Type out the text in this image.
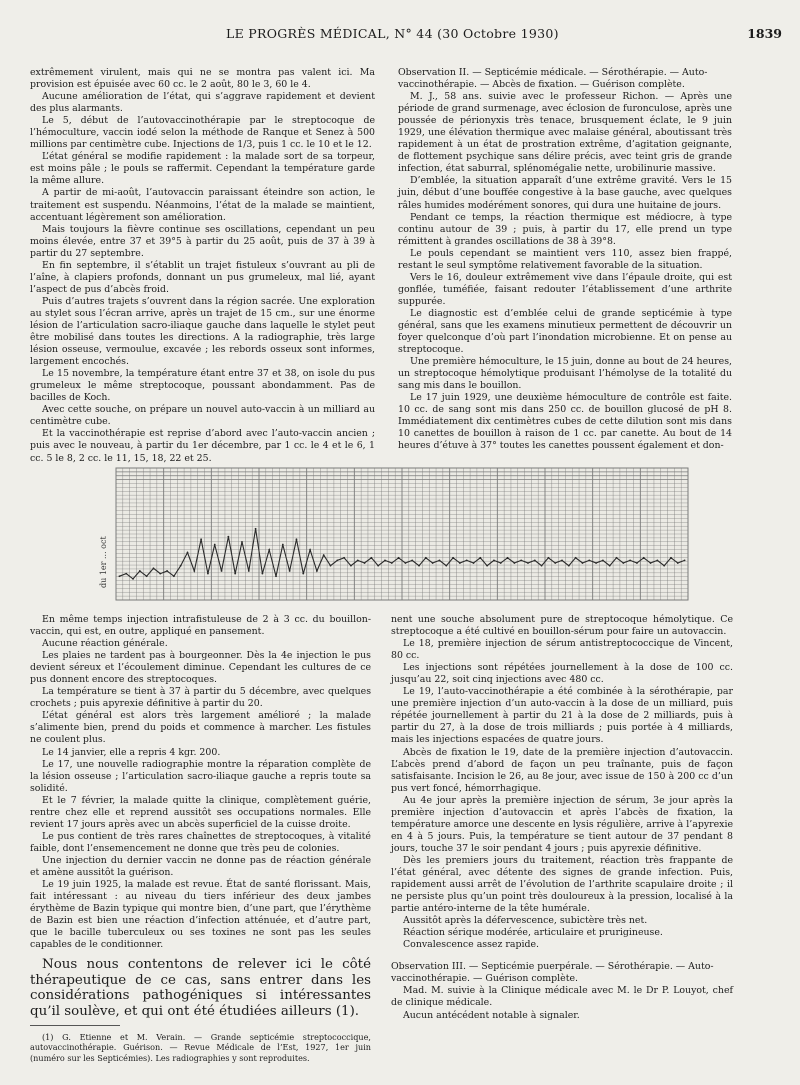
LE PROGRÈS MÉDICAL, N° 44 (30 Octobre 1930)	1839

extrêmement virulent, mais qui ne se montra pas valent ici. Ma provision est épuisée avec 60 cc. le 2 août, 80 le 3, 60 le 4.

Aucune amélioration de l’état, qui s’aggrave rapidement et devient des plus alarmants.

Le 5, début de l’autovaccinothérapie par le streptocoque de l’hémoculture, vaccin iodé selon la méthode de Ranque et Senez à 500 millions par centimètre cube. Injections de 1/3, puis 1 cc. le 10 et le 12.

L’état général se modifie rapidement : la malade sort de sa torpeur, est moins pâle ; le pouls se raffermit. Cependant la température garde la même allure.

A partir de mi-août, l’autovaccin paraissant éteindre son action, le traitement est suspendu. Néanmoins, l’état de la malade se maintient, accentuant légèrement son amélioration.

Mais toujours la fièvre continue ses oscillations, cependant un peu moins élevée, entre 37 et 39°5 à partir du 25 août, puis de 37 à 39 à partir du 27 septembre.

En fin septembre, il s’établit un trajet fistuleux s’ouvrant au pli de l’aîne, à clapiers profonds, donnant un pus grumeleux, mal lié, ayant l’aspect de pus d’abcès froid.

Puis d’autres trajets s’ouvrent dans la région sacrée. Une exploration au stylet sous l’écran arrive, après un trajet de 15 cm., sur une énorme lésion de l’articulation sacro-iliaque gauche dans laquelle le stylet peut être mobilisé dans toutes les directions. A la radiographie, très large lésion osseuse, vermoulue, excavée ; les rebords osseux sont informes, largement encochés.

Le 15 novembre, la température étant entre 37 et 38, on isole du pus grumeleux le même streptocoque, poussant abondamment. Pas de bacilles de Koch.

Avec cette souche, on prépare un nouvel auto-vaccin à un milliard au centimètre cube.

Et la vaccinothérapie est reprise d’abord avec l’auto-vaccin ancien ; puis avec le nouveau, à partir du 1er décembre, par 1 cc. le 4 et le 6, 1 cc. 5 le 8, 2 cc. le 11, 15, 18, 22 et 25.

Observation II. — Septicémie médicale. — Sérothérapie. — Auto-vaccinothérapie. — Abcès de fixation. — Guérison complète.

M. J., 58 ans. suivie avec le professeur Richon. — Après une période de grand surmenage, avec éclosion de furonculose, après une poussée de périonyxis très tenace, brusquement éclate, le 9 juin 1929, une élévation thermique avec malaise général, aboutissant très rapidement à un état de prostration extrême, d’agitation geignante, de flottement psychique sans délire précis, avec teint gris de grande infection, état saburral, splénomégalie nette, urobilinurie massive.

D’emblée, la situation apparaît d’une extrême gravité. Vers le 15 juin, début d’une bouffée congestive à la base gauche, avec quelques râles humides modérément sonores, qui dura une huitaine de jours.

Pendant ce temps, la réaction thermique est médiocre, à type continu autour de 39 ; puis, à partir du 17, elle prend un type rémittent à grandes oscillations de 38 à 39°8.

Le pouls cependant se maintient vers 110, assez bien frappé, restant le seul symptôme relativement favorable de la situation.

Vers le 16, douleur extrêmement vive dans l’épaule droite, qui est gonflée, tuméfiée, faisant redouter l’établissement d’une arthrite suppurée.

Le diagnostic est d’emblée celui de grande septicémie à type général, sans que les examens minutieux permettent de découvrir un foyer quelconque d’où part l’inondation microbienne. Et on pense au streptocoque.

Une première hémoculture, le 15 juin, donne au bout de 24 heures, un streptocoque hémolytique produisant l’hémolyse de la totalité du sang mis dans le bouillon.

Le 17 juin 1929, une deuxième hémoculture de contrôle est faite. 10 cc. de sang sont mis dans 250 cc. de bouillon glucosé de pH 8. Immédiatement dix centimètres cubes de cette dilution sont mis dans 10 canettes de bouillon à raison de 1 cc. par canette. Au bout de 14 heures d’étuve à 37° toutes les canettes poussent également et don-

du 1er ... oct

En même temps injection intrafistuleuse de 2 à 3 cc. du bouillon-vaccin, qui est, en outre, appliqué en pansement.

Aucune réaction générale.

Les plaies ne tardent pas à bourgeonner. Dès la 4e injection le pus devient séreux et l’écoulement diminue. Cependant les cultures de ce pus donnent encore des streptocoques.

La température se tient à 37 à partir du 5 décembre, avec quelques crochets ; puis apyrexie définitive à partir du 20.

L’état général est alors très largement amélioré ; la malade s’alimente bien, prend du poids et commence à marcher. Les fistules ne coulent plus.

Le 14 janvier, elle a repris 4 kgr. 200.

Le 17, une nouvelle radiographie montre la réparation complète de la lésion osseuse ; l’articulation sacro-iliaque gauche a repris toute sa solidité.

Et le 7 février, la malade quitte la clinique, complètement guérie, rentre chez elle et reprend aussitôt ses occupations normales. Elle revient 17 jours après avec un abcès superficiel de la cuisse droite.

Le pus contient de très rares chaînettes de streptocoques, à vitalité faible, dont l’ensemencement ne donne que très peu de colonies.

Une injection du dernier vaccin ne donne pas de réaction générale et amène aussitôt la guérison.

Le 19 juin 1925, la malade est revue. État de santé florissant. Mais, fait intéressant : au niveau du tiers inférieur des deux jambes érythème de Bazin typique qui montre bien, d’une part, que l’érythème de Bazin est bien une réaction d’infection atténuée, et d’autre part, que le bacille tuberculeux ou ses toxines ne sont pas les seules capables de le conditionner.

Nous nous contentons de relever ici le côté thérapeutique de ce cas, sans entrer dans les considérations pathogéniques si intéressantes qu’il soulève, et qui ont été étudiées ailleurs (1).

(1) G. Etienne et M. Verain. — Grande septicémie streptococcique, autovaccinothérapie. Guérison. — Revue Médicale de l’Est, 1927, 1er juin (numéro sur les Septicémies). Les radiographies y sont reproduites.

nent une souche absolument pure de streptocoque hémolytique. Ce streptocoque a été cultivé en bouillon-sérum pour faire un autovaccin.

Le 18, première injection de sérum antistreptococcique de Vincent, 80 cc.

Les injections sont répétées journellement à la dose de 100 cc. jusqu’au 22, soit cinq injections avec 480 cc.

Le 19, l’auto-vaccinothérapie a été combinée à la sérothérapie, par une première injection d’un auto-vaccin à la dose de un milliard, puis répétée journellement à partir du 21 à la dose de 2 milliards, puis à partir du 27, à la dose de trois milliards ; puis portée à 4 milliards, mais les injections espacées de quatre jours.

Abcès de fixation le 19, date de la première injection d’autovaccin. L’abcès prend d’abord de façon un peu traînante, puis de façon satisfaisante. Incision le 26, au 8e jour, avec issue de 150 à 200 cc d’un pus vert foncé, hémorrhagique.

Au 4e jour après la première injection de sérum, 3e jour après la première injection d’autovaccin et après l’abcès de fixation, la température amorce une descente en lysis régulière, arrive à l’apyrexie en 4 à 5 jours. Puis, la température se tient autour de 37 pendant 8 jours, touche 37 le soir pendant 4 jours ; puis apyrexie définitive.

Dès les premiers jours du traitement, réaction très frappante de l’état général, avec détente des signes de grande infection. Puis, rapidement aussi arrêt de l’évolution de l’arthrite scapulaire droite ; il ne persiste plus qu’un point très douloureux à la pression, localisé à la partie antéro-interne de la tête humérale.

Aussitôt après la défervescence, subictère très net.

Réaction sérique modérée, articulaire et prurigineuse.

Convalescence assez rapide.

Observation III. — Septicémie puerpérale. — Sérothérapie. — Auto-vaccinothérapie. — Guérison complète.

Mad. M. suivie à la Clinique médicale avec M. le Dr P. Louyot, chef de clinique médicale.

Aucun antécédent notable à signaler.
